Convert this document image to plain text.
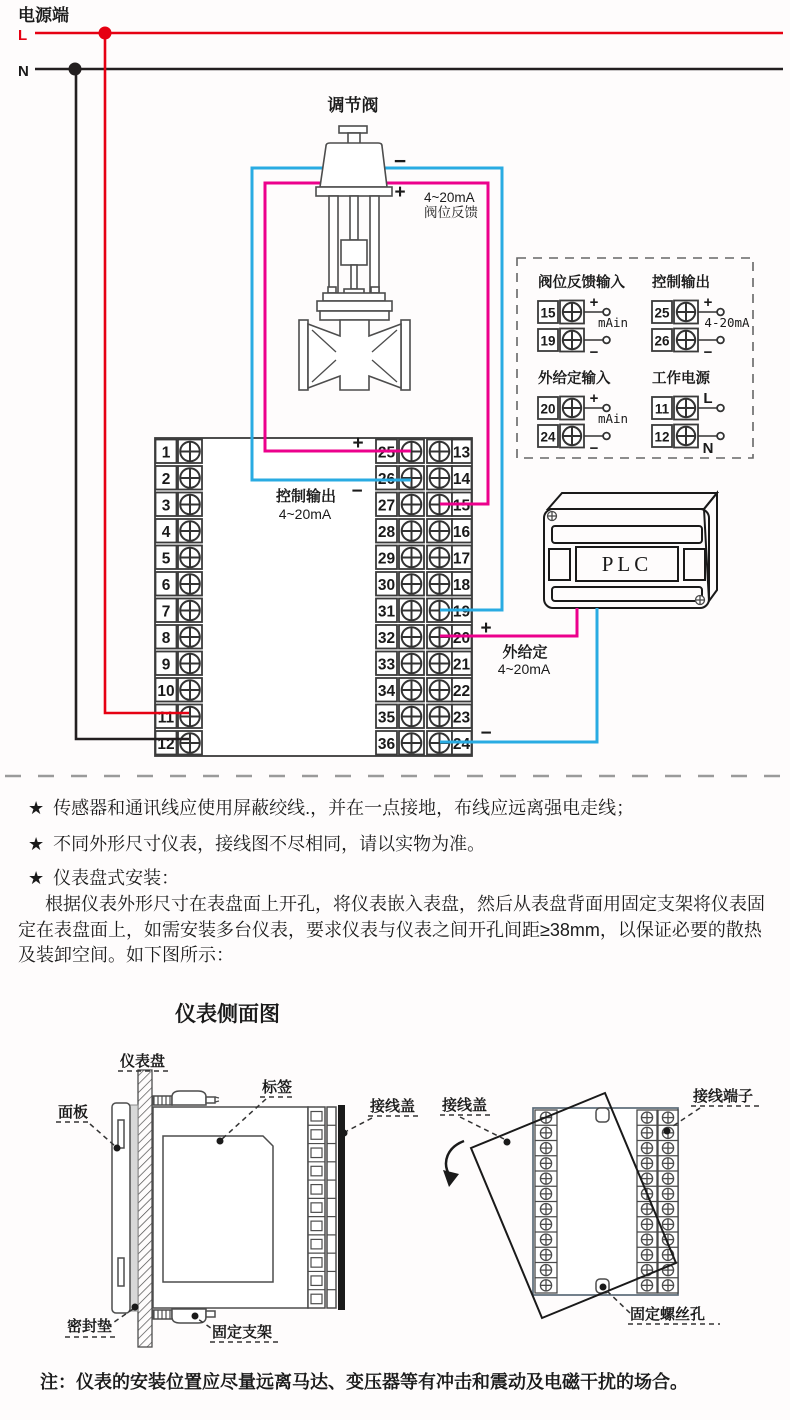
电源端
L
N
1
2
3
4
5
6
7
8
9
10
11
12
25
26
27
28
29
30
31
32
33
34
35
36
13
14
15
16
17
18
19
20
21
22
23
24
PLC
阀位反馈输入
15
+
19
−
mAin
控制输出
25
+
26
−
4-20mA
外给定输入
20
+
24
−
mAin
工作电源
11
L
12
N
+
−
控制输出
4~20mA
+
−
外给定
4~20mA
调节阀
−
+ 4~20mA
阀位反馈
★ 传感器和通讯线应使用屏蔽绞线.，并在一点接地，布线应远离强电走线；
★ 不同外形尺寸仪表，接线图不尽相同，请以实物为准。
★ 仪表盘式安装：

根据仪表外形尺寸在表盘面上开孔，将仪表嵌入表盘，然后从表盘背面用固定支架将仪表固定在表盘面上，如需安装多台仪表，要求仪表与仪表之间开孔间距≥38mm，以保证必要的散热及装卸空间。如下图所示：

仪表侧面图
仪表盘
面板
标签
接线盖
密封垫	固定支架
接线盖
接线端子
固定螺丝孔
注：仪表的安装位置应尽量远离马达、变压器等有冲击和震动及电磁干扰的场合。
